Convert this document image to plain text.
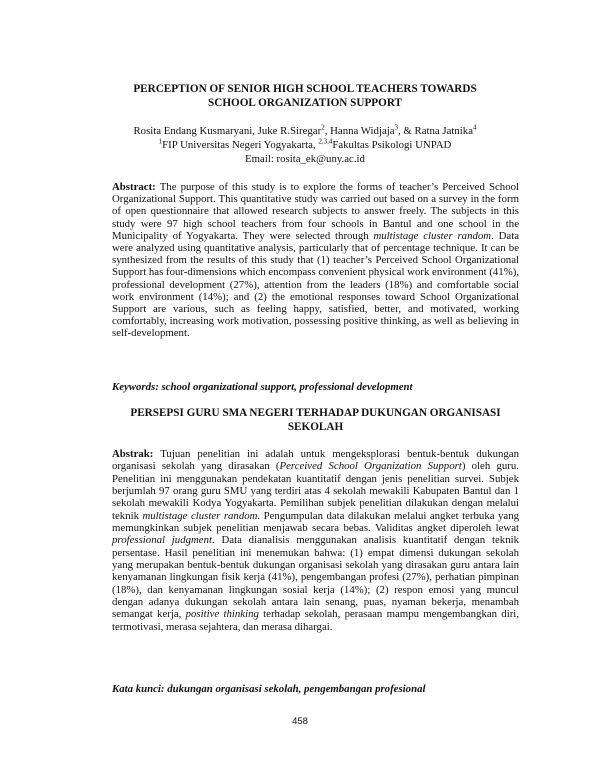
PERCEPTION OF SENIOR HIGH SCHOOL TEACHERS TOWARDS
SCHOOL ORGANIZATION SUPPORT
Rosita Endang Kusmaryani, Juke R.Siregar$^2$, Hanna Widjaja$^3$, & Ratna Jatnika$^4$
$^1$FIP Universitas Negeri Yogyakarta, $^{2,3,4}$Fakultas Psikologi UNPAD
Email: rosita_ek@uny.ac.id
Abstract: The purpose of this study is to explore the forms of teacher’s Perceived School Organizational Support. This quantitative study was carried out based on a survey in the form of open questionnaire that allowed research subjects to answer freely. The subjects in this study were 97 high school teachers from four schools in Bantul and one school in the Municipality of Yogyakarta. They were selected through multistage cluster random. Data were analyzed using quantitative analysis, particularly that of percentage technique. It can be synthesized from the results of this study that (1) teacher’s Perceived School Organizational Support has four-dimensions which encompass convenient physical work environment (41%), professional development (27%), attention from the leaders (18%) and comfortable social work environment (14%); and (2) the emotional responses toward School Organizational Support are various, such as feeling happy, satisfied, better, and motivated, working comfortably, increasing work motivation, possessing positive thinking, as well as believing in self-development.
Keywords: school organizational support, professional development
PERSEPSI GURU SMA NEGERI TERHADAP DUKUNGAN ORGANISASI
SEKOLAH
Abstrak: Tujuan penelitian ini adalah untuk mengeksplorasi bentuk-bentuk dukungan organisasi sekolah yang dirasakan (Perceived School Organization Support) oleh guru. Penelitian ini menggunakan pendekatan kuantitatif dengan jenis penelitian survei. Subjek berjumlah 97 orang guru SMU yang terdiri atas 4 sekolah mewakili Kabupaten Bantul dan 1 sekolah mewakili Kodya Yogyakarta. Pemilihan subjek penelitian dilakukan dengan melalui teknik multistage cluster random. Pengumpulan data dilakukan melalui angket terbuka yang memungkinkan subjek penelitian menjawab secara bebas. Validitas angket diperoleh lewat professional judgment. Data dianalisis menggunakan analisis kuantitatif dengan teknik persentase. Hasil penelitian ini menemukan bahwa: (1) empat dimensi dukungan sekolah yang merupakan bentuk-bentuk dukungan organisasi sekolah yang dirasakan guru antara lain kenyamanan lingkungan fisik kerja (41%), pengembangan profesi (27%), perhatian pimpinan (18%), dan kenyamanan lingkungan sosial kerja (14%); (2) respon emosi yang muncul dengan adanya dukungan sekolah antara lain senang, puas, nyaman bekerja, menambah semangat kerja, positive thinking terhadap sekolah, perasaan mampu mengembangkan diri, termotivasi, merasa sejahtera, dan merasa dihargai.
Kata kunci: dukungan organisasi sekolah, pengembangan profesional
458
